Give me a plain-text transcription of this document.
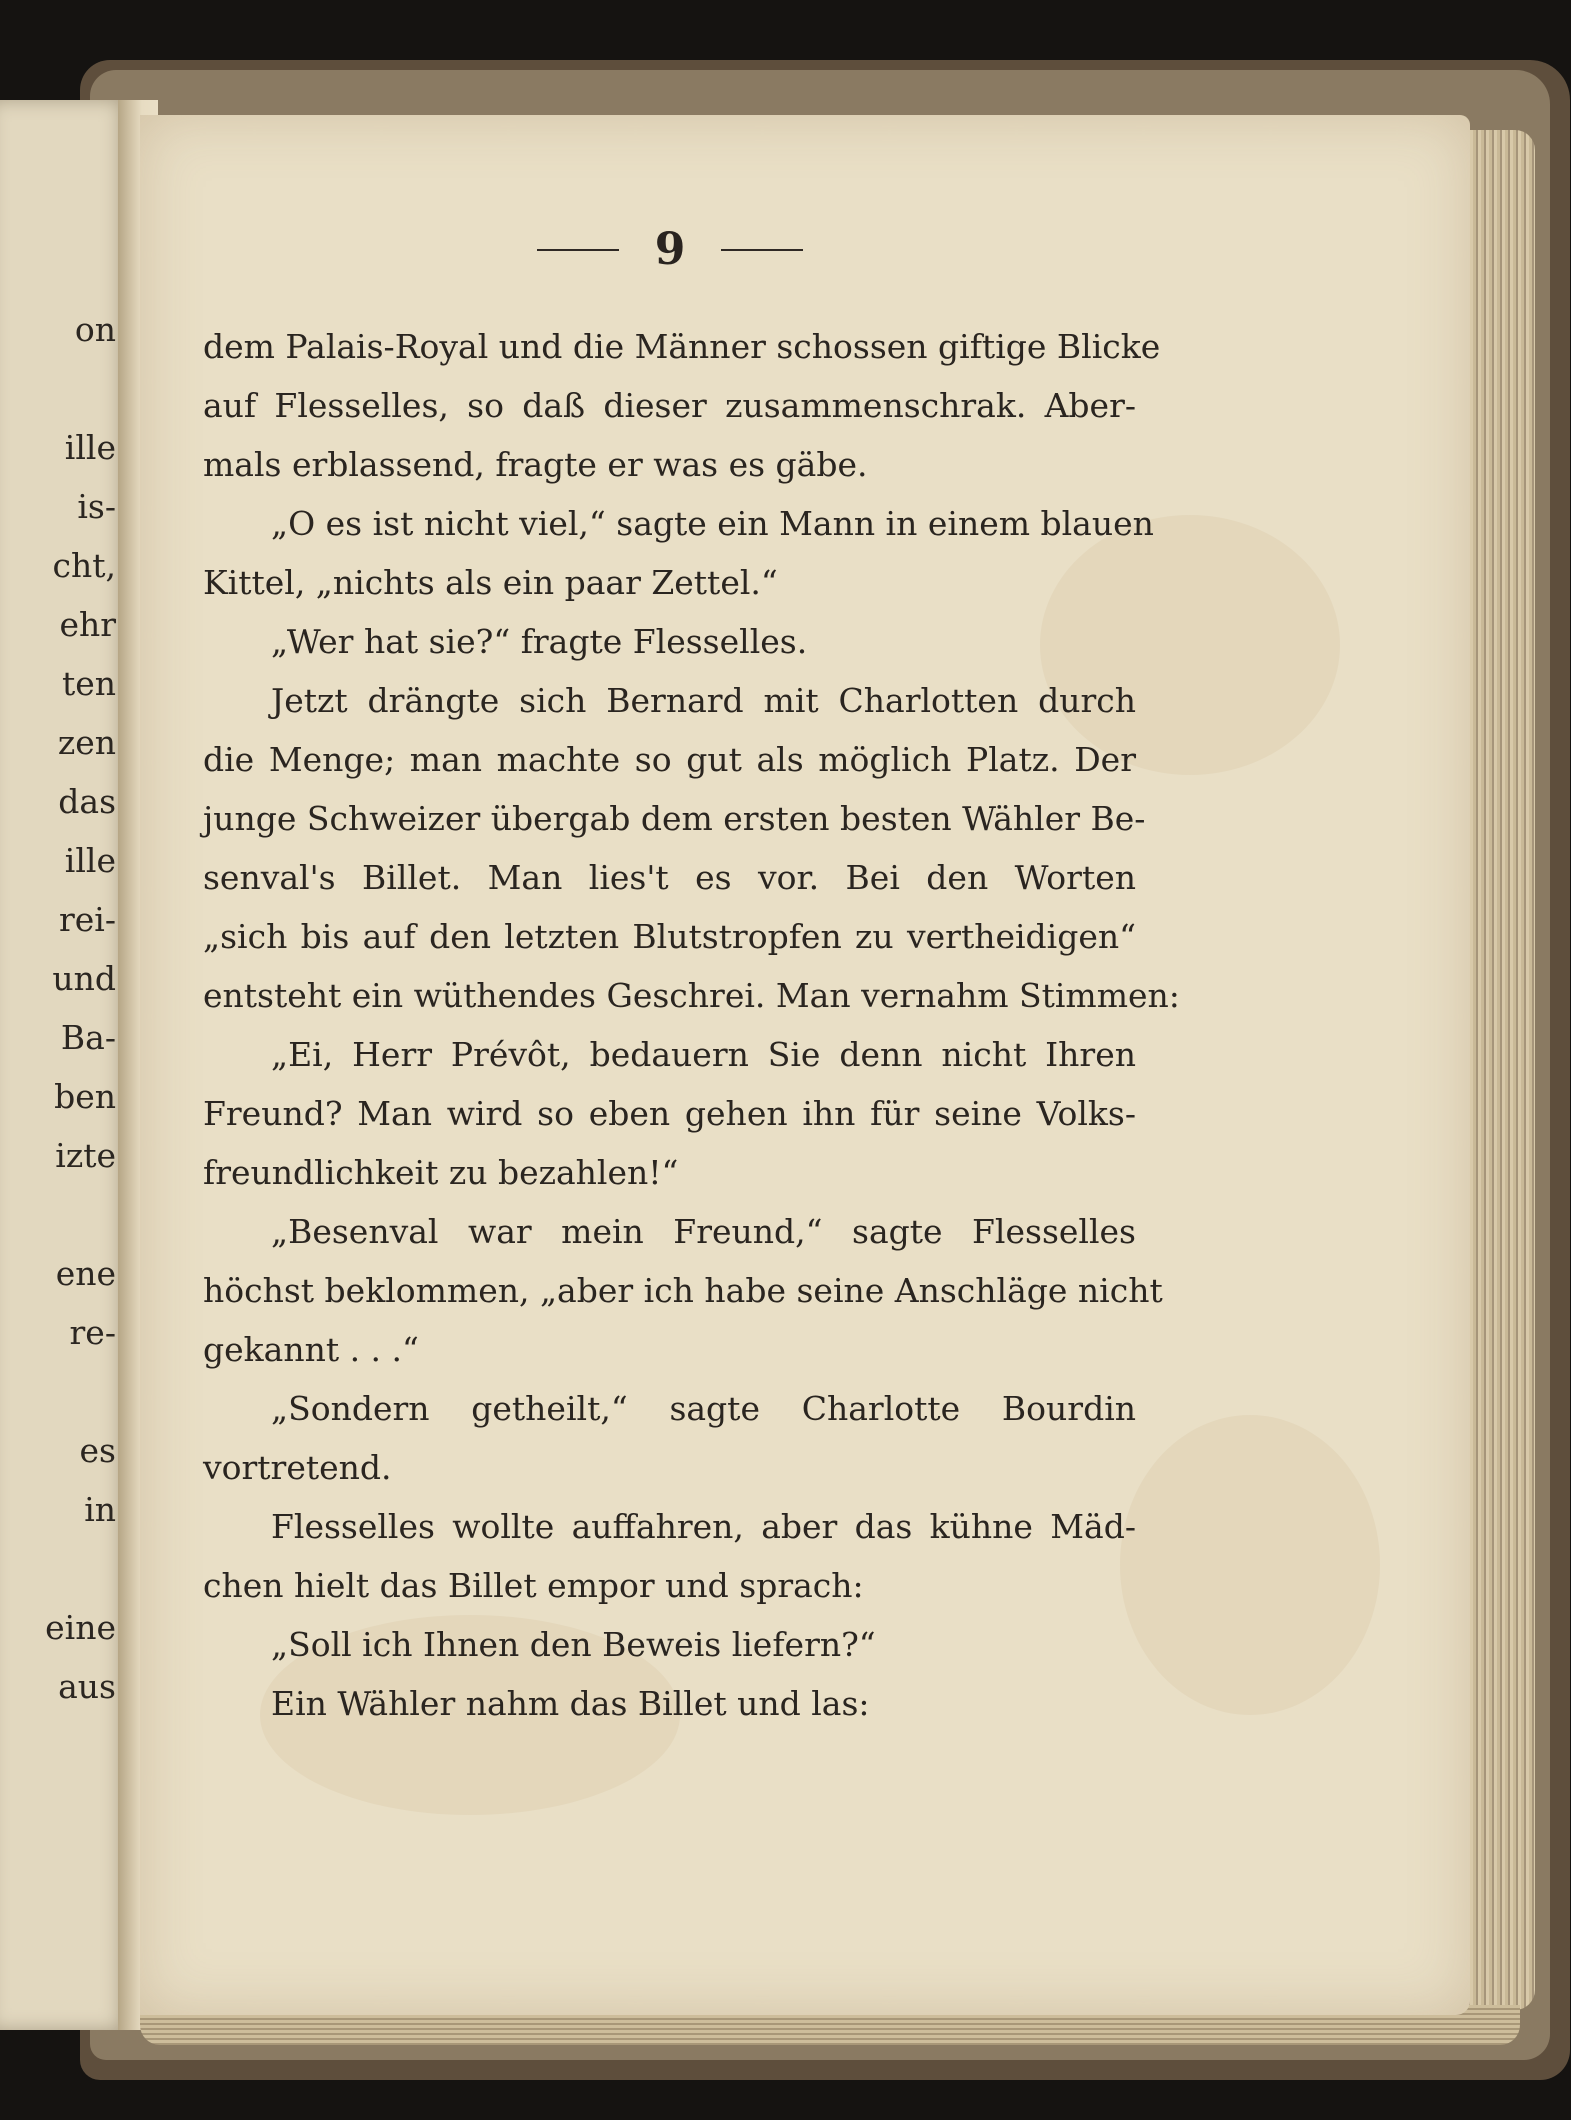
on
ille
is-
cht,
ehr
ten
zen
das
ille
rei-
und
Ba-
ben
izte
ene
re-
es
in
eine
aus
9
dem Palais-Royal und die Männer schossen giftige Blicke
auf Flesselles, so daß dieser zusammenschrak. Aber-
mals erblassend, fragte er was es gäbe.
„O es ist nicht viel,“ sagte ein Mann in einem blauen
Kittel, „nichts als ein paar Zettel.“
„Wer hat sie?“ fragte Flesselles.
Jetzt drängte sich Bernard mit Charlotten durch
die Menge; man machte so gut als möglich Platz. Der
junge Schweizer übergab dem ersten besten Wähler Be-
senval's Billet. Man lies't es vor. Bei den Worten
„sich bis auf den letzten Blutstropfen zu vertheidigen“
entsteht ein wüthendes Geschrei. Man vernahm Stimmen:
„Ei, Herr Prévôt, bedauern Sie denn nicht Ihren
Freund? Man wird so eben gehen ihn für seine Volks-
freundlichkeit zu bezahlen!“
„Besenval war mein Freund,“ sagte Flesselles
höchst beklommen, „aber ich habe seine Anschläge nicht
gekannt . . .“
„Sondern getheilt,“ sagte Charlotte Bourdin
vortretend.
Flesselles wollte auffahren, aber das kühne Mäd-
chen hielt das Billet empor und sprach:
„Soll ich Ihnen den Beweis liefern?“
Ein Wähler nahm das Billet und las:
